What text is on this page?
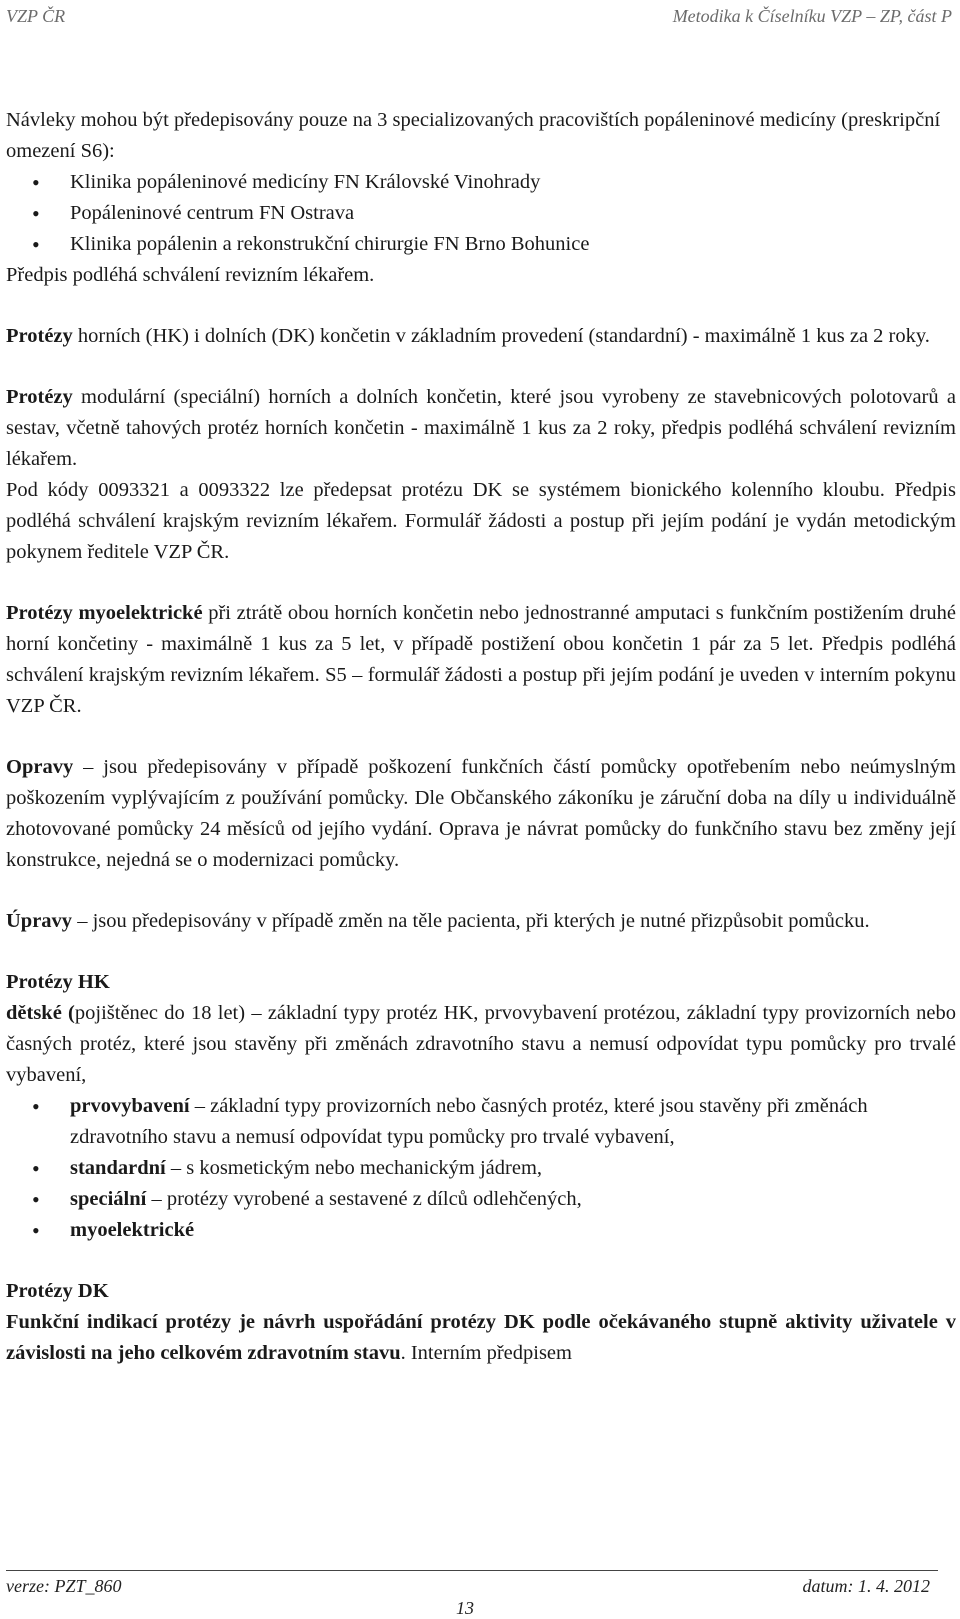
VZP ČR	Metodika k Číselníku VZP – ZP, část P

Návleky mohou být předepisovány pouze na 3 specializovaných pracovištích popáleninové medicíny (preskripční omezení S6):

• Klinika popáleninové medicíny FN Královské Vinohrady
• Popáleninové centrum FN Ostrava
• Klinika popálenin a rekonstrukční chirurgie FN Brno Bohunice

Předpis podléhá schválení revizním lékařem.

Protézy horních (HK) i dolních (DK) končetin v základním provedení (standardní) - maximálně 1 kus za 2 roky.

Protézy modulární (speciální) horních a dolních končetin, které jsou vyrobeny ze stavebnicových polotovarů a sestav, včetně tahových protéz horních končetin - maximálně 1 kus za 2 roky, předpis podléhá schválení revizním lékařem.

Pod kódy 0093321 a 0093322 lze předepsat protézu DK se systémem bionického kolenního kloubu. Předpis podléhá schválení krajským revizním lékařem. Formulář žádosti a postup při jejím podání je vydán metodickým pokynem ředitele VZP ČR.

Protézy myoelektrické při ztrátě obou horních končetin nebo jednostranné amputaci s funkčním postižením druhé horní končetiny - maximálně 1 kus za 5 let, v případě postižení obou končetin 1 pár za 5 let. Předpis podléhá schválení krajským revizním lékařem. S5 – formulář žádosti a postup při jejím podání je uveden v interním pokynu VZP ČR.

Opravy – jsou předepisovány v případě poškození funkčních částí pomůcky opotřebením nebo neúmyslným poškozením vyplývajícím z používání pomůcky. Dle Občanského zákoníku je záruční doba na díly u individuálně zhotovované pomůcky 24 měsíců od jejího vydání. Oprava je návrat pomůcky do funkčního stavu bez změny její konstrukce, nejedná se o modernizaci pomůcky.

Úpravy – jsou předepisovány v případě změn na těle pacienta, při kterých je nutné přizpůsobit pomůcku.

Protézy HK

dětské (pojištěnec do 18 let) – základní typy protéz HK, prvovybavení protézou, základní typy provizorních nebo časných protéz, které jsou stavěny při změnách zdravotního stavu a nemusí odpovídat typu pomůcky pro trvalé vybavení,

• prvovybavení – základní typy provizorních nebo časných protéz, které jsou stavěny při změnách zdravotního stavu a nemusí odpovídat typu pomůcky pro trvalé vybavení,
• standardní – s kosmetickým nebo mechanickým jádrem,
• speciální – protézy vyrobené a sestavené z dílců odlehčených,
• myoelektrické

Protézy DK

Funkční indikací protézy je návrh uspořádání protézy DK podle očekávaného stupně aktivity uživatele v závislosti na jeho celkovém zdravotním stavu. Interním předpisem

verze: PZT_860	datum: 1. 4. 2012
13
